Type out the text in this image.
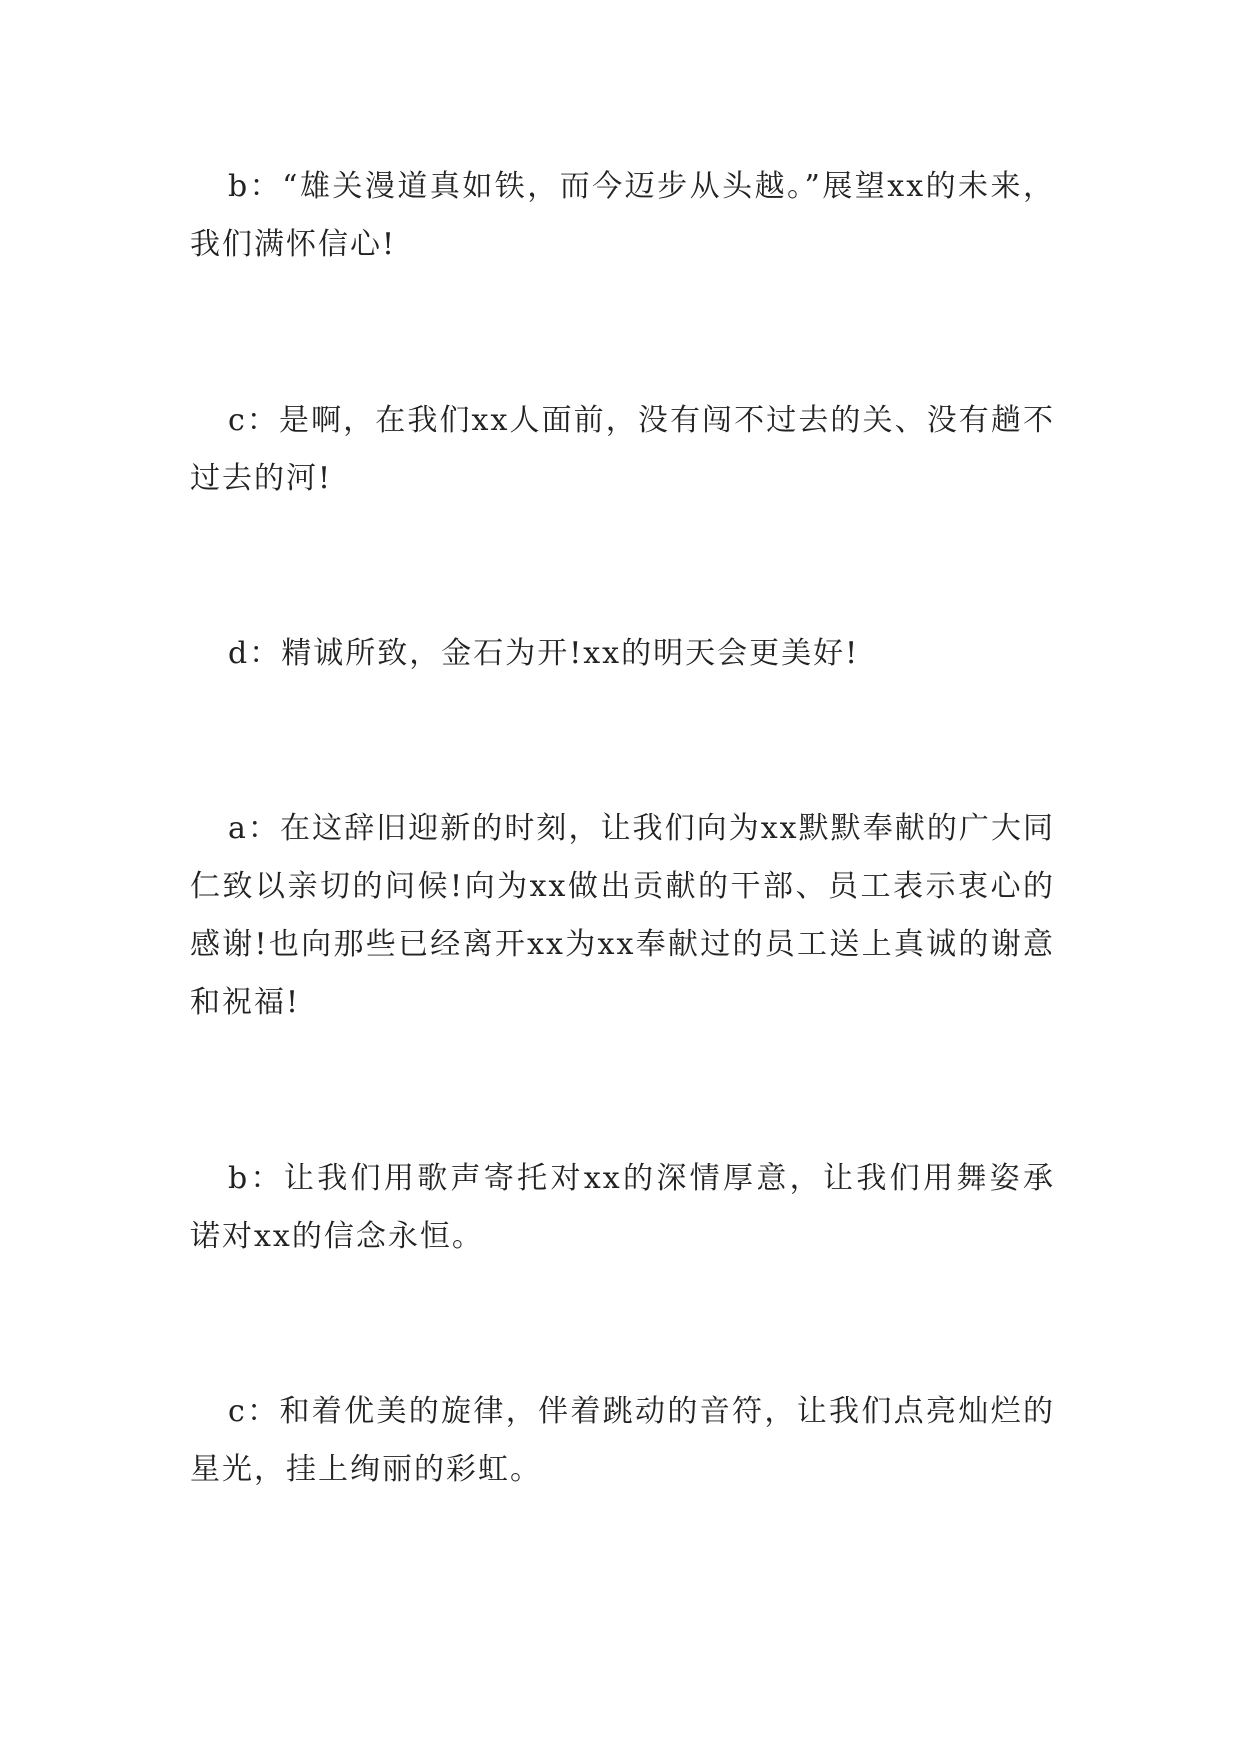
b：“雄关漫道真如铁，而今迈步从头越。”展望xx的未来，我们满怀信心!

c：是啊，在我们xx人面前，没有闯不过去的关、没有趟不过去的河!

d：精诚所致，金石为开!xx的明天会更美好!

a：在这辞旧迎新的时刻，让我们向为xx默默奉献的广大同仁致以亲切的问候!向为xx做出贡献的干部、员工表示衷心的感谢!也向那些已经离开xx为xx奉献过的员工送上真诚的谢意和祝福!

b：让我们用歌声寄托对xx的深情厚意，让我们用舞姿承诺对xx的信念永恒。

c：和着优美的旋律，伴着跳动的音符，让我们点亮灿烂的星光，挂上绚丽的彩虹。
